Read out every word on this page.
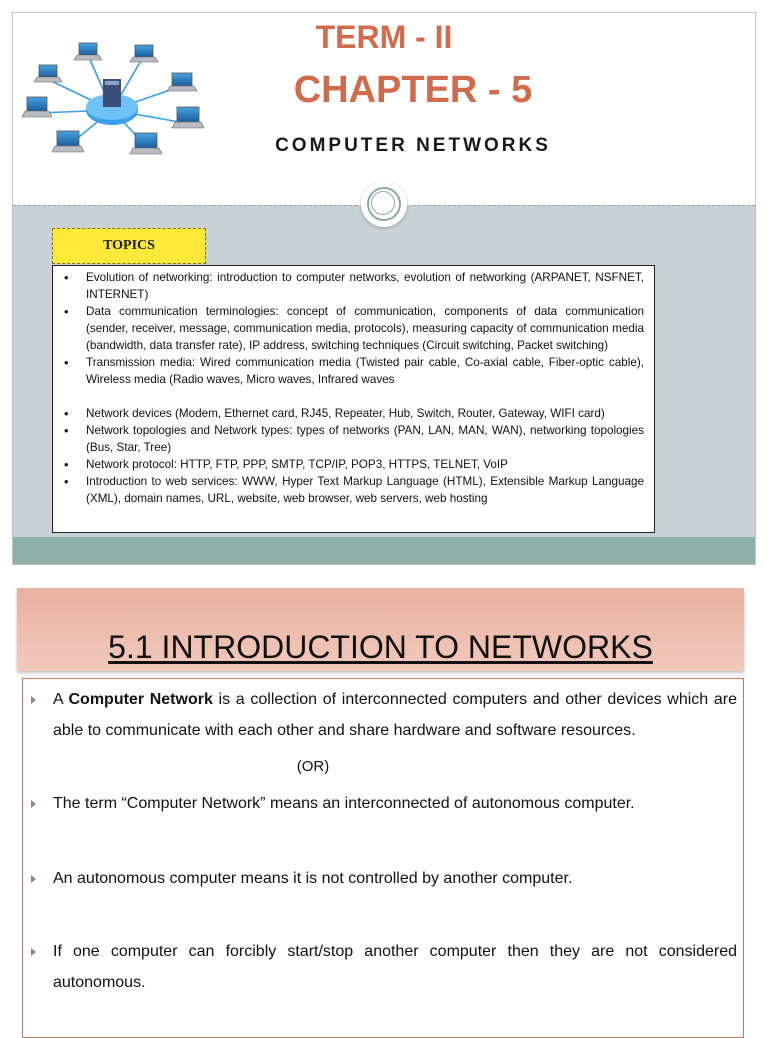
TERM - II
CHAPTER - 5
COMPUTER NETWORKS
TOPICS
• Evolution of networking: introduction to computer networks, evolution of networking (ARPANET, NSFNET, INTERNET)
• Data communication terminologies: concept of communication, components of data communication (sender, receiver, message, communication media, protocols), measuring capacity of communication media (bandwidth, data transfer rate), IP address, switching techniques (Circuit switching, Packet switching)
• Transmission media: Wired communication media (Twisted pair cable, Co-axial cable, Fiber-optic cable), Wireless media (Radio waves, Micro waves, Infrared waves
• Network devices (Modem, Ethernet card, RJ45, Repeater, Hub, Switch, Router, Gateway, WIFI card)
• Network topologies and Network types: types of networks (PAN, LAN, MAN, WAN), networking topologies (Bus, Star, Tree)
• Network protocol: HTTP, FTP, PPP, SMTP, TCP/IP, POP3, HTTPS, TELNET, VoIP
• Introduction to web services: WWW, Hyper Text Markup Language (HTML), Extensible Markup Language (XML), domain names, URL, website, web browser, web servers, web hosting
5.1 INTRODUCTION TO NETWORKS
A Computer Network is a collection of interconnected computers and other devices which are able to communicate with each other and share hardware and software resources.
(OR)
The term “Computer Network” means an interconnected of autonomous computer.
An autonomous computer means it is not controlled by another computer.
If one computer can forcibly start/stop another computer then they are not considered autonomous.
